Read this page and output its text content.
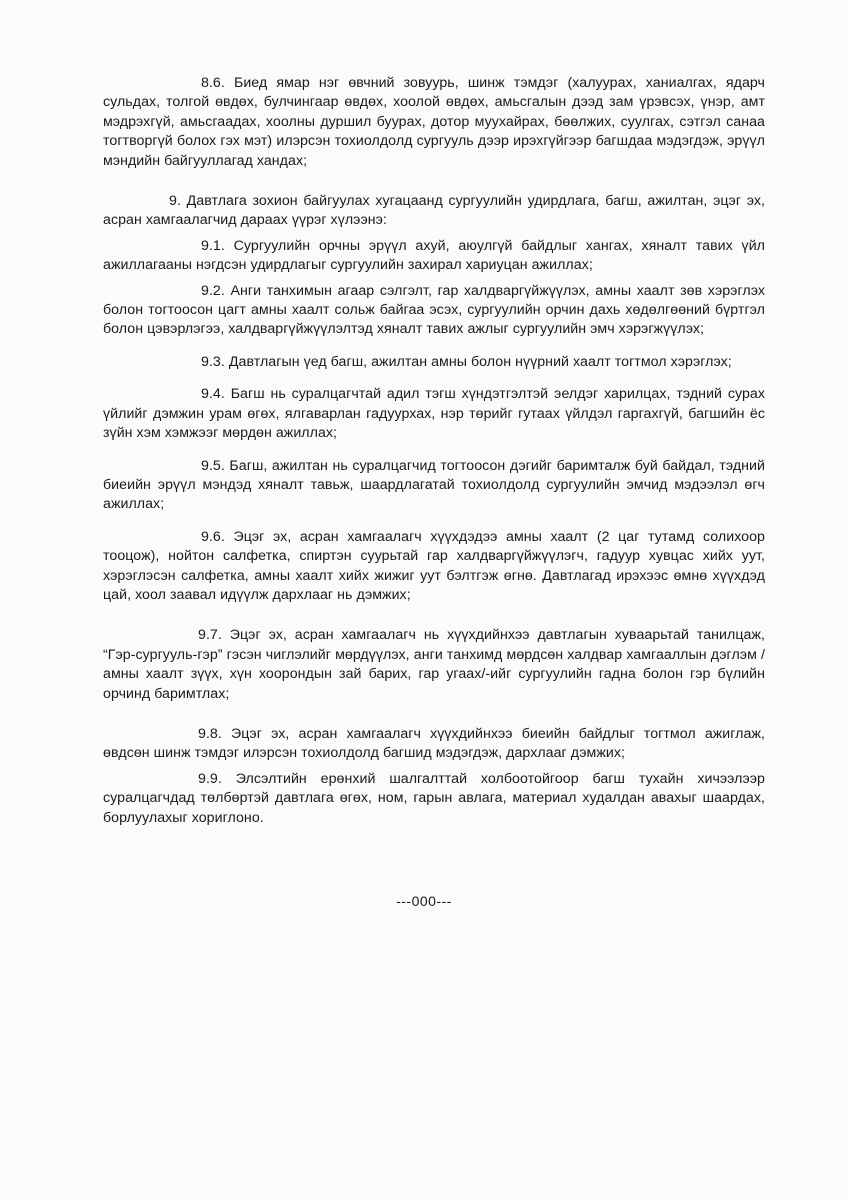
8.6. Биед ямар нэг өвчний зовуурь, шинж тэмдэг (халуурах, ханиалгах, ядарч сульдах, толгой өвдөх, булчингаар өвдөх, хоолой өвдөх, амьсгалын дээд зам үрэвсэх, үнэр, амт мэдрэхгүй, амьсгаадах, хоолны дуршил буурах, дотор муухайрах, бөөлжих, суулгах, сэтгэл санаа тогтворгүй болох гэх мэт) илэрсэн тохиолдолд сургууль дээр ирэхгүйгээр багшдаа мэдэгдэж, эрүүл мэндийн байгууллагад хандах;

9. Давтлага зохион байгуулах хугацаанд сургуулийн удирдлага, багш, ажилтан, эцэг эх, асран хамгаалагчид дараах үүрэг хүлээнэ:

9.1. Сургуулийн орчны эрүүл ахуй, аюулгүй байдлыг хангах, хяналт тавих үйл ажиллагааны нэгдсэн удирдлагыг сургуулийн захирал хариуцан ажиллах;

9.2. Анги танхимын агаар сэлгэлт, гар халдваргүйжүүлэх, амны хаалт зөв хэрэглэх болон тогтоосон цагт амны хаалт сольж байгаа эсэх, сургуулийн орчин дахь хөдөлгөөний бүртгэл болон цэвэрлэгээ, халдваргүйжүүлэлтэд хяналт тавих ажлыг сургуулийн эмч хэрэгжүүлэх;

9.3. Давтлагын үед багш, ажилтан амны болон нүүрний хаалт тогтмол хэрэглэх;

9.4. Багш нь суралцагчтай адил тэгш хүндэтгэлтэй эелдэг харилцах, тэдний сурах үйлийг дэмжин урам өгөх, ялгаварлан гадуурхах, нэр төрийг гутаах үйлдэл гаргахгүй, багшийн ёс зүйн хэм хэмжээг мөрдөн ажиллах;

9.5. Багш, ажилтан нь суралцагчид тогтоосон дэгийг баримталж буй байдал, тэдний биеийн эрүүл мэндэд хяналт тавьж, шаардлагатай тохиолдолд сургуулийн эмчид мэдээлэл өгч ажиллах;

9.6. Эцэг эх, асран хамгаалагч хүүхдэдээ амны хаалт (2 цаг тутамд солихоор тооцож), нойтон салфетка, спиртэн суурьтай гар халдваргүйжүүлэгч, гадуур хувцас хийх уут, хэрэглэсэн салфетка, амны хаалт хийх жижиг уут бэлтгэж өгнө. Давтлагад ирэхээс өмнө хүүхдэд цай, хоол заавал идүүлж дархлааг нь дэмжих;

9.7. Эцэг эх, асран хамгаалагч нь хүүхдийнхээ давтлагын хуваарьтай танилцаж, “Гэр-сургууль-гэр” гэсэн чиглэлийг мөрдүүлэх, анги танхимд мөрдсөн халдвар хамгааллын дэглэм /амны хаалт зүүх, хүн хоорондын зай барих, гар угаах/-ийг сургуулийн гадна болон гэр бүлийн орчинд баримтлах;

9.8. Эцэг эх, асран хамгаалагч хүүхдийнхээ биеийн байдлыг тогтмол ажиглаж, өвдсөн шинж тэмдэг илэрсэн тохиолдолд багшид мэдэгдэж, дархлааг дэмжих;

9.9. Элсэлтийн ерөнхий шалгалттай холбоотойгоор багш тухайн хичээлээр суралцагчдад төлбөртэй давтлага өгөх, ном, гарын авлага, материал худалдан авахыг шаардах, борлуулахыг хориглоно.

---000---
